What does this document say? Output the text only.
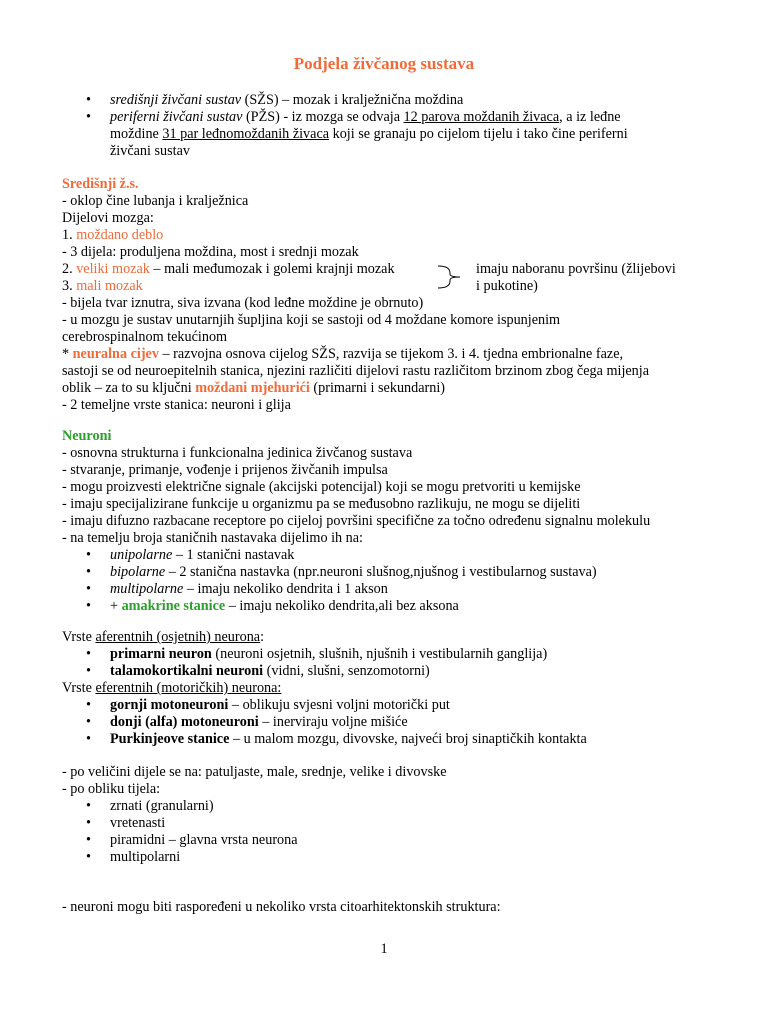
Podjela živčanog sustava
• središnji živčani sustav (SŽS) – mozak i kralježnična moždina
• periferni živčani sustav (PŽS) - iz mozga se odvaja 12 parova moždanih živaca, a iz leđne
moždine 31 par leđnomoždanih živaca koji se granaju po cijelom tijelu i tako čine periferni
živčani sustav
Središnji ž.s.
- oklop čine lubanja i kralježnica
Dijelovi mozga:
1. moždano deblo
- 3 dijela: produljena moždina, most i srednji mozak
2. veliki mozak – mali međumozak i golemi krajnji mozak
3. mali mozak
- bijela tvar iznutra, siva izvana (kod leđne moždine je obrnuto)
- u mozgu je sustav unutarnjih šupljina koji se sastoji od 4 moždane komore ispunjenim
cerebrospinalnom tekućinom
* neuralna cijev – razvojna osnova cijelog SŽS, razvija se tijekom 3. i 4. tjedna embrionalne faze,
sastoji se od neuroepitelnih stanica, njezini različiti dijelovi rastu različitom brzinom zbog čega mijenja
oblik – za to su ključni moždani mjehurići (primarni i sekundarni)
- 2 temeljne vrste stanica: neuroni i glija
imaju naboranu površinu (žlijebovi
i pukotine)
Neuroni
- osnovna strukturna i funkcionalna jedinica živčanog sustava
- stvaranje, primanje, vođenje i prijenos živčanih impulsa
- mogu proizvesti električne signale (akcijski potencijal) koji se mogu pretvoriti u kemijske
- imaju specijalizirane funkcije u organizmu pa se međusobno razlikuju, ne mogu se dijeliti
- imaju difuzno razbacane receptore po cijeloj površini specifične za točno određenu signalnu molekulu
- na temelju broja staničnih nastavaka dijelimo ih na:
• unipolarne – 1 stanični nastavak
• bipolarne – 2 stanična nastavka (npr.neuroni slušnog,njušnog i vestibularnog sustava)
• multipolarne – imaju nekoliko dendrita i 1 akson
• + amakrine stanice – imaju nekoliko dendrita,ali bez aksona
Vrste aferentnih (osjetnih) neurona:
• primarni neuron (neuroni osjetnih, slušnih, njušnih i vestibularnih ganglija)
• talamokortikalni neuroni (vidni, slušni, senzomotorni)
Vrste eferentnih (motoričkih) neurona:
• gornji motoneuroni – oblikuju svjesni voljni motorički put
• donji (alfa) motoneuroni – inerviraju voljne mišiće
• Purkinjeove stanice – u malom mozgu, divovske, najveći broj sinaptičkih kontakta
- po veličini dijele se na: patuljaste, male, srednje, velike i divovske
- po obliku tijela:
• zrnati (granularni)
• vretenasti
• piramidni – glavna vrsta neurona
• multipolarni
- neuroni mogu biti raspoređeni u nekoliko vrsta citoarhitektonskih struktura:
1
